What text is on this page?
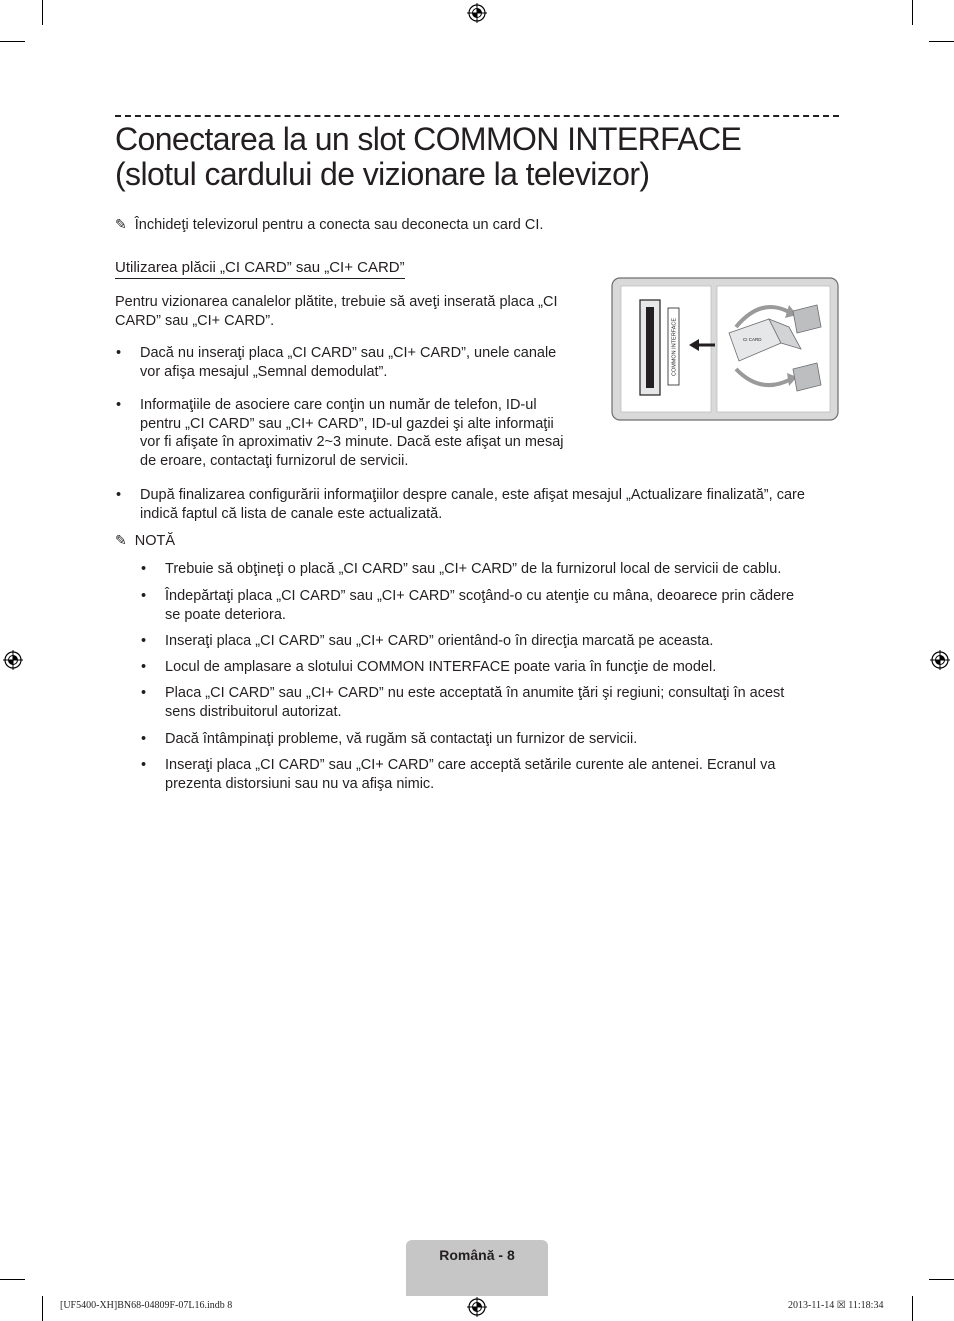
Conectarea la un slot COMMON INTERFACE
(slotul cardului de vizionare la televizor)
✎ Închideţi televizorul pentru a conecta sau deconecta un card CI.
Utilizarea plăcii „CI CARD” sau „CI+ CARD”
Pentru vizionarea canalelor plătite, trebuie să aveţi inserată placa „CI
CARD” sau „CI+ CARD”.
• Dacă nu inseraţi placa „CI CARD” sau „CI+ CARD”, unele canale
vor afişa mesajul „Semnal demodulat”.
• Informaţiile de asociere care conţin un număr de telefon, ID-ul
pentru „CI CARD” sau „CI+ CARD”, ID-ul gazdei şi alte informaţii
vor fi afişate în aproximativ 2~3 minute. Dacă este afişat un mesaj
de eroare, contactaţi furnizorul de servicii.
• După finalizarea configurării informaţiilor despre canale, este afişat mesajul „Actualizare finalizată”, care
indică faptul că lista de canale este actualizată.
✎ NOTĂ
• Trebuie să obţineţi o placă „CI CARD” sau „CI+ CARD” de la furnizorul local de servicii de cablu.
• Îndepărtaţi placa „CI CARD” sau „CI+ CARD” scoţând-o cu atenţie cu mâna, deoarece prin cădere
se poate deteriora.
• Inseraţi placa „CI CARD” sau „CI+ CARD” orientând-o în direcţia marcată pe aceasta.
• Locul de amplasare a slotului COMMON INTERFACE poate varia în funcţie de model.
• Placa „CI CARD” sau „CI+ CARD” nu este acceptată în anumite ţări şi regiuni; consultaţi în acest
sens distribuitorul autorizat.
• Dacă întâmpinaţi probleme, vă rugăm să contactaţi un furnizor de servicii.
• Inseraţi placa „CI CARD” sau „CI+ CARD” care acceptă setările curente ale antenei. Ecranul va
prezenta distorsiuni sau nu va afişa nimic.
COMMON INTERFACE	CI CARD
Română - 8
[UF5400-XH]BN68-04809F-07L16.indb 8	2013-11-14 ☒ 11:18:34
